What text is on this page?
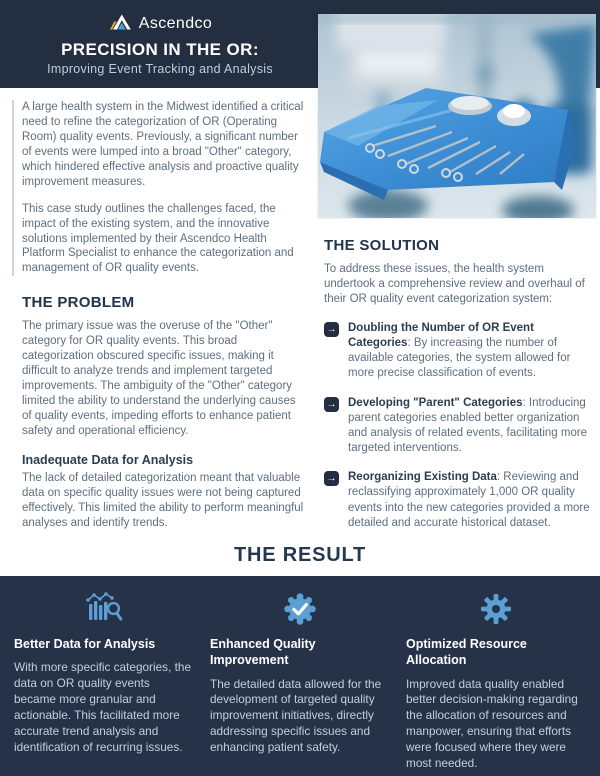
Ascendco
PRECISION IN THE OR:
Improving Event Tracking and Analysis

A large health system in the Midwest identified a critical need to refine the categorization of OR (Operating Room) quality events. Previously, a significant number of events were lumped into a broad "Other" category, which hindered effective analysis and proactive quality improvement measures.

This case study outlines the challenges faced, the impact of the existing system, and the innovative solutions implemented by their Ascendco Health Platform Specialist to enhance the categorization and management of OR quality events.

THE PROBLEM

The primary issue was the overuse of the "Other" category for OR quality events. This broad categorization obscured specific issues, making it difficult to analyze trends and implement targeted improvements. The ambiguity of the "Other" category limited the ability to understand the underlying causes of quality events, impeding efforts to enhance patient safety and operational efficiency.

Inadequate Data for Analysis

The lack of detailed categorization meant that valuable data on specific quality issues were not being captured effectively. This limited the ability to perform meaningful analyses and identify trends.

THE SOLUTION

To address these issues, the health system undertook a comprehensive review and overhaul of their OR quality event categorization system:

→ Doubling the Number of OR Event Categories: By increasing the number of available categories, the system allowed for more precise classification of events.
→ Developing "Parent" Categories: Introducing parent categories enabled better organization and analysis of related events, facilitating more targeted interventions.
→ Reorganizing Existing Data: Reviewing and reclassifying approximately 1,000 OR quality events into the new categories provided a more detailed and accurate historical dataset.
THE RESULT
Better Data for Analysis
With more specific categories, the data on OR quality events became more granular and actionable. This facilitated more accurate trend analysis and identification of recurring issues.
Enhanced Quality Improvement
The detailed data allowed for the development of targeted quality improvement initiatives, directly addressing specific issues and enhancing patient safety.
Optimized Resource Allocation
Improved data quality enabled better decision-making regarding the allocation of resources and manpower, ensuring that efforts were focused where they were most needed.
